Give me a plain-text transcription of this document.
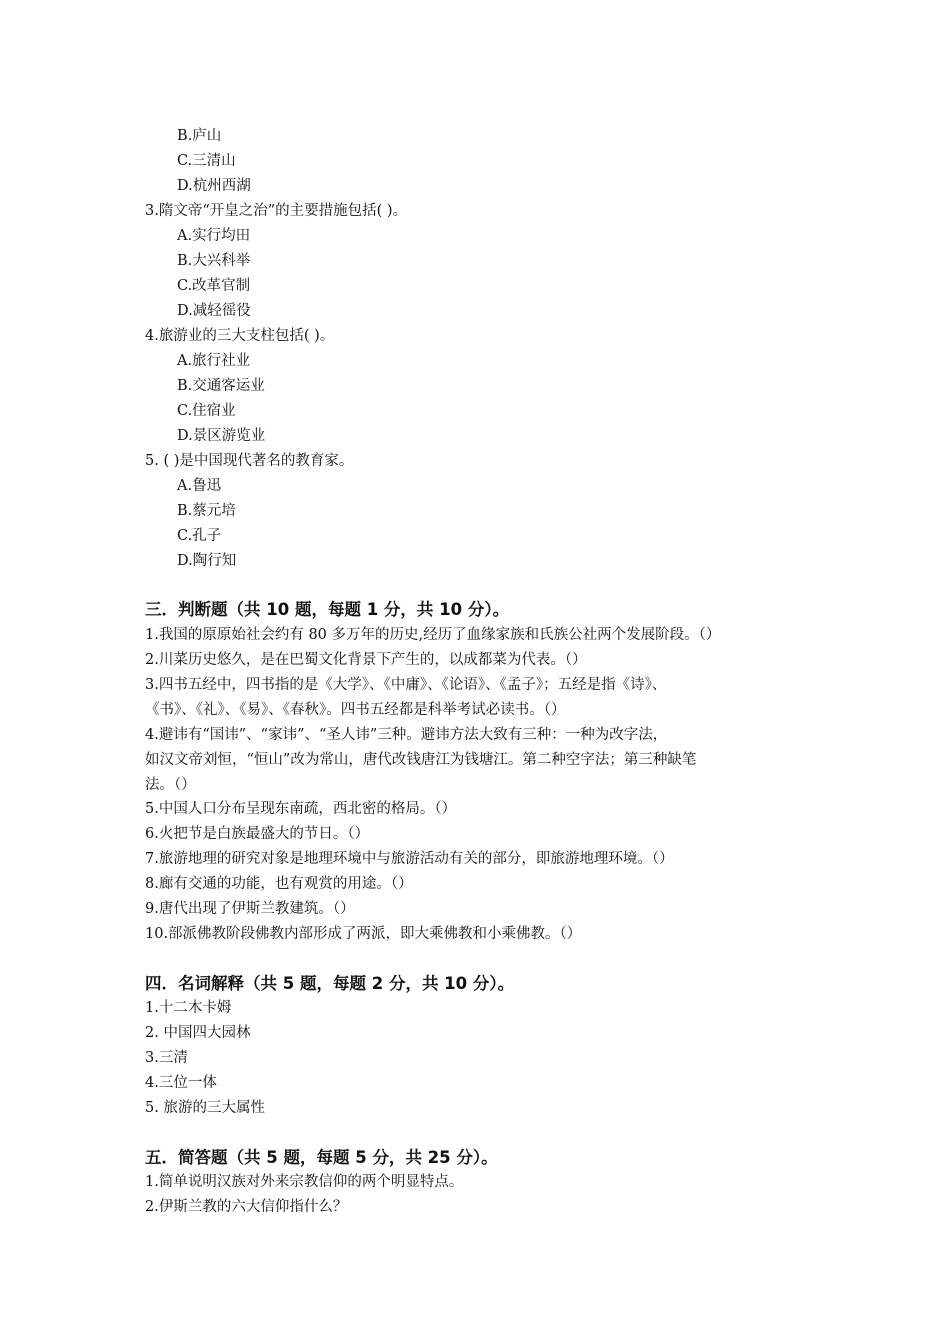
B.庐山
C.三清山
D.杭州西湖
3.隋文帝“开皇之治”的主要措施包括( )。
A.实行均田
B.大兴科举
C.改革官制
D.减轻徭役
4.旅游业的三大支柱包括( )。
A.旅行社业
B.交通客运业
C.住宿业
D.景区游览业
5. ( )是中国现代著名的教育家。
A.鲁迅
B.蔡元培
C.孔子
D.陶行知
三．判断题（共 10 题，每题 1 分，共 10 分）。
1.我国的原原始社会约有 80 多万年的历史,经历了血缘家族和氏族公社两个发展阶段。（）
2.川菜历史悠久，是在巴蜀文化背景下产生的，以成都菜为代表。（）
3.四书五经中，四书指的是《大学》、《中庸》、《论语》、《孟子》；五经是指《诗》、
《书》、《礼》、《易》、《春秋》。四书五经都是科举考试必读书。（）
4.避讳有“国讳”、“家讳”、“圣人讳”三种。避讳方法大致有三种：一种为改字法，
如汉文帝刘恒，“恒山”改为常山，唐代改钱唐江为钱塘江。第二种空字法；第三种缺笔
法。（）
5.中国人口分布呈现东南疏，西北密的格局。（）
6.火把节是白族最盛大的节日。（）
7.旅游地理的研究对象是地理环境中与旅游活动有关的部分，即旅游地理环境。（）
8.廊有交通的功能，也有观赏的用途。（）
9.唐代出现了伊斯兰教建筑。（）
10.部派佛教阶段佛教内部形成了两派，即大乘佛教和小乘佛教。（）
四．名词解释（共 5 题，每题 2 分，共 10 分）。
1.十二木卡姆
2. 中国四大园林
3.三清
4.三位一体
5. 旅游的三大属性
五．简答题（共 5 题，每题 5 分，共 25 分）。
1.简单说明汉族对外来宗教信仰的两个明显特点。
2.伊斯兰教的六大信仰指什么？
